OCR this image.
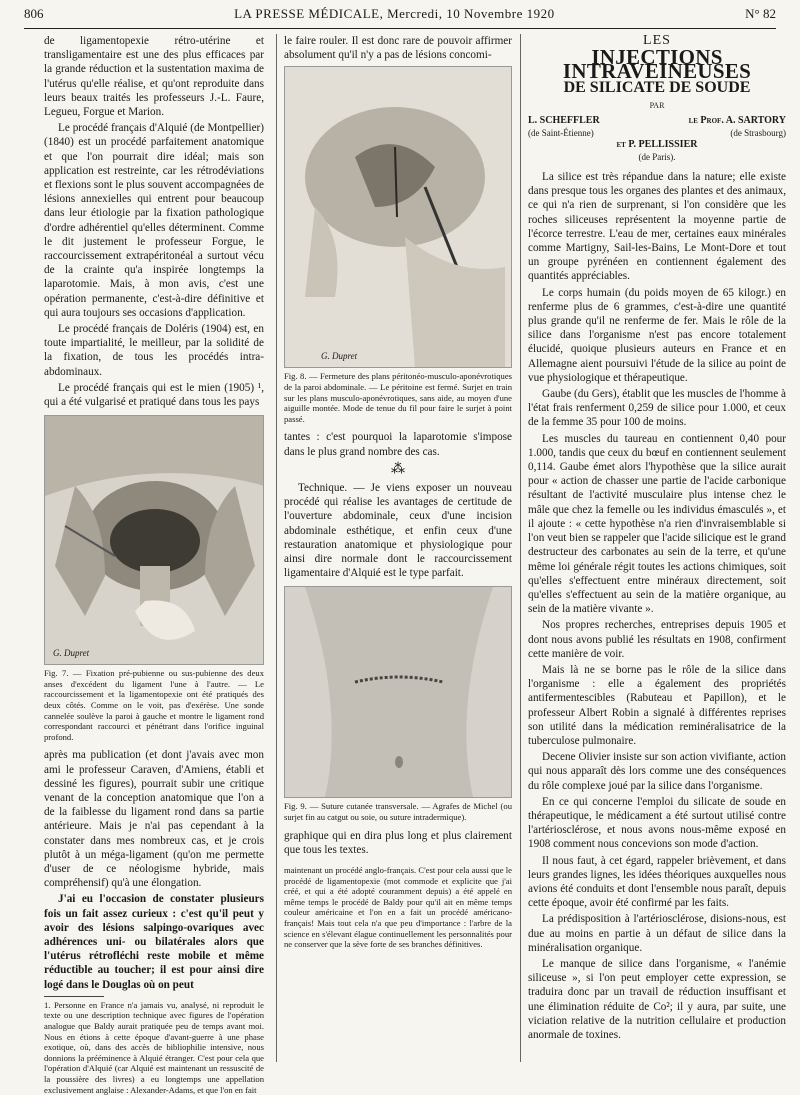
806	LA PRESSE MÉDICALE, Mercredi, 10 Novembre 1920	N° 82

de ligamentopexie rétro-utérine et transligamentaire est une des plus efficaces par la grande réduction et la sustentation maxima de l'utérus qu'elle réalise, et qu'ont reproduite dans leurs beaux traités les professeurs J.-L. Faure, Legueu, Forgue et Marion.

Le procédé français d'Alquié (de Montpellier) (1840) est un procédé parfaitement anatomique et que l'on pourrait dire idéal; mais son application est restreinte, car les rétrodéviations et flexions sont le plus souvent accompagnées de lésions annexielles qui entrent pour beaucoup dans leur étiologie par la fixation pathologique d'ordre adhérentiel qu'elles déterminent. Comme le dit justement le professeur Forgue, le raccourcissement extrapéritonéal a surtout vécu de la crainte qu'a inspirée longtemps la laparotomie. Mais, à mon avis, c'est une opération permanente, c'est-à-dire définitive et qui aura toujours ses occasions d'application.

Le procédé français de Doléris (1904) est, en toute impartialité, le meilleur, par la solidité de la fixation, de tous les procédés intra-abdominaux.

Le procédé français qui est le mien (1905) ¹, qui a été vulgarisé et pratiqué dans tous les pays

G. Dupret
Fig. 7. — Fixation pré-pubienne ou sus-pubienne des deux anses d'excédent du ligament l'une à l'autre. — Le raccourcissement et la ligamentopexie ont été pratiqués des deux côtés. Comme on le voit, pas d'exérèse. Une sonde cannelée soulève la paroi à gauche et montre le ligament rond correspondant raccourci et pénétrant dans l'orifice inguinal profond.

après ma publication (et dont j'avais avec mon ami le professeur Caraven, d'Amiens, établi et dessiné les figures), pourrait subir une critique venant de la conception anatomique que l'on a de la faiblesse du ligament rond dans sa partie antérieure. Mais je n'ai pas cependant à la constater dans mes nombreux cas, et je crois plutôt à un méga-ligament (qu'on me permette d'user de ce néologisme hybride, mais compréhensif) qu'à une élongation.

J'ai eu l'occasion de constater plusieurs fois un fait assez curieux : c'est qu'il peut y avoir des lésions salpingo-ovariques avec adhérences uni- ou bilatérales alors que l'utérus rétrofléchi reste mobile et même réductible au toucher; il est pour ainsi dire logé dans le Douglas où on peut

1. Personne en France n'a jamais vu, analysé, ni reproduit le texte ou une description technique avec figures de l'opération analogue que Baldy aurait pratiquée peu de temps avant moi. Nous en étions à cette époque d'avant-guerre à une phase exotique, où, dans des accès de bibliophilie intensive, nous donnions la prééminence à Alquié étranger. C'est pour cela que l'opération d'Alquié (car Alquié est maintenant un ressuscité de la poussière des livres) a eu longtemps une appellation exclusivement anglaise : Alexander-Adams, et que l'on en fait

le faire rouler. Il est donc rare de pouvoir affirmer absolument qu'il n'y a pas de lésions concomi-

G. Dupret
Fig. 8. — Fermeture des plans péritonéo-musculo-aponévrotiques de la paroi abdominale. — Le péritoine est fermé. Surjet en train sur les plans musculo-aponévrotiques, sans aide, au moyen d'une aiguille montée. Mode de tenue du fil pour faire le surjet à point passé.

tantes : c'est pourquoi la laparotomie s'impose dans le plus grand nombre des cas.

⁂

Technique. — Je viens exposer un nouveau procédé qui réalise les avantages de certitude de l'ouverture abdominale, ceux d'une incision abdominale esthétique, et enfin ceux d'une restauration anatomique et physiologique pour ainsi dire normale dont le raccourcissement ligamentaire d'Alquié est le type parfait.

Fig. 9. — Suture cutanée transversale. — Agrafes de Michel (ou surjet fin au catgut ou soie, ou suture intradermique).

graphique qui en dira plus long et plus clairement que tous les textes.

maintenant un procédé anglo-français. C'est pour cela aussi que le procédé de ligamentopexie (mot commode et explicite que j'ai créé, et qui a été adopté couramment depuis) a été appelé en même temps le procédé de Baldy pour qu'il ait en même temps couleur américaine et l'on en a fait un procédé américano-français! Mais tout cela n'a que peu d'importance : l'arbre de la science en s'élevant élague continuellement les personnalités pour ne conserver que la sève forte de ses branches définitives.
LES
INJECTIONS INTRAVEINEUSES
DE SILICATE DE SOUDE
PAR
L. SCHEFFLER	le Prof. A. SARTORY
(de Saint-Étienne)	(de Strasbourg)
et P. PELLISSIER
(de Paris).

La silice est très répandue dans la nature; elle existe dans presque tous les organes des plantes et des animaux, ce qui n'a rien de surprenant, si l'on considère que les roches siliceuses représentent la moyenne partie de l'écorce terrestre. L'eau de mer, certaines eaux minérales comme Martigny, Sail-les-Bains, Le Mont-Dore et tout un groupe pyrénéen en contiennent également des quantités appréciables.

Le corps humain (du poids moyen de 65 kilogr.) en renferme plus de 6 grammes, c'est-à-dire une quantité plus grande qu'il ne renferme de fer. Mais le rôle de la silice dans l'organisme n'est pas encore totalement élucidé, quoique plusieurs auteurs en France et en Allemagne aient poursuivi l'étude de la silice au point de vue physiologique et thérapeutique.

Gaube (du Gers), établit que les muscles de l'homme à l'état frais renferment 0,259 de silice pour 1.000, et ceux de la femme 35 pour 100 de moins.

Les muscles du taureau en contiennent 0,40 pour 1.000, tandis que ceux du bœuf en contiennent seulement 0,114. Gaube émet alors l'hypothèse que la silice aurait pour « action de chasser une partie de l'acide carbonique résultant de l'activité musculaire plus intense chez le mâle que chez la femelle ou les individus émasculés », et il ajoute : « cette hypothèse n'a rien d'invraisemblable si l'on veut bien se rappeler que l'acide silicique est le grand destructeur des carbonates au sein de la terre, et qu'une même loi générale régit toutes les actions chimiques, soit qu'elles s'effectuent entre minéraux directement, soit qu'elles s'effectuent au sein de la matière organique, au sein de la matière vivante ».

Nos propres recherches, entreprises depuis 1905 et dont nous avons publié les résultats en 1908, confirment cette manière de voir.

Mais là ne se borne pas le rôle de la silice dans l'organisme : elle a également des propriétés antifermentescibles (Rabuteau et Papillon), et le professeur Albert Robin a signalé à différentes reprises son utilité dans la médication reminéralisatrice de la tuberculose pulmonaire.

Decene Olivier insiste sur son action vivifiante, action qui nous apparaît dès lors comme une des conséquences du rôle complexe joué par la silice dans l'organisme.

En ce qui concerne l'emploi du silicate de soude en thérapeutique, le médicament a été surtout utilisé contre l'artériosclérose, et nous avons nous-même exposé en 1908 comment nous concevions son mode d'action.

Il nous faut, à cet égard, rappeler brièvement, et dans leurs grandes lignes, les idées théoriques auxquelles nous avions été conduits et dont l'ensemble nous paraît, depuis cette époque, avoir été confirmé par les faits.

La prédisposition à l'artériosclérose, disions-nous, est due au moins en partie à un défaut de silice dans la minéralisation organique.

Le manque de silice dans l'organisme, « l'anémie siliceuse », si l'on peut employer cette expression, se traduira donc par un travail de réduction insuffisant et une élimination réduite de Co²; il y aura, par suite, une viciation relative de la nutrition cellulaire et production anormale de toxines.
